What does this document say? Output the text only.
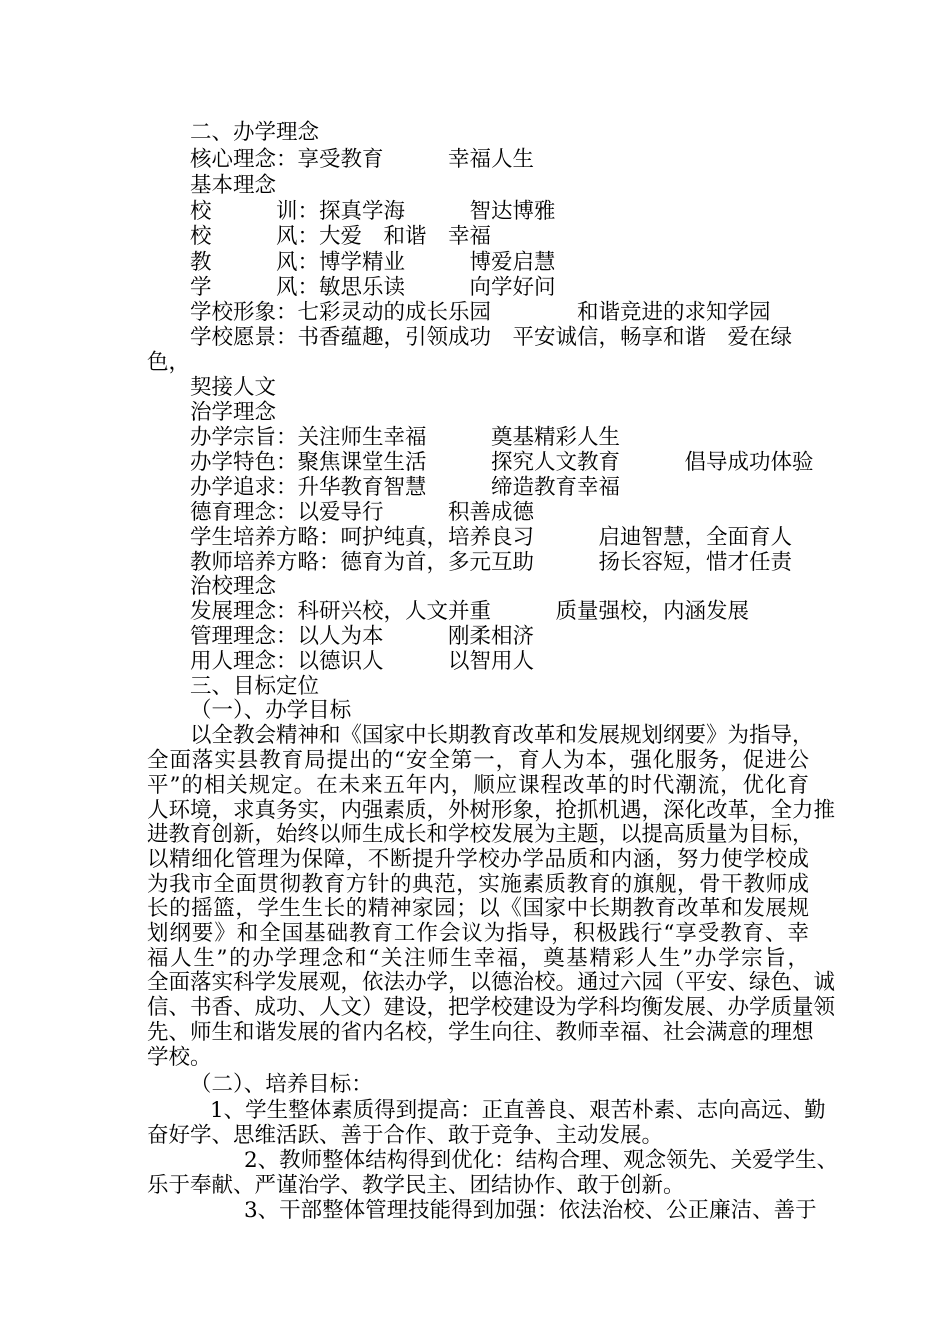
二、办学理念
核心理念：享受教育　　　幸福人生
基本理念
校　　　训：探真学海　　　智达博雅
校　　　风：大爱　和谐　幸福
教　　　风：博学精业　　　博爱启慧
学　　　风：敏思乐读　　　向学好问
学校形象：七彩灵动的成长乐园　　　　和谐竞进的求知学园
学校愿景：书香蕴趣，引领成功　平安诚信，畅享和谐　爱在绿
色，
契接人文
治学理念
办学宗旨：关注师生幸福　　　奠基精彩人生
办学特色：聚焦课堂生活　　　探究人文教育　　　倡导成功体验
办学追求：升华教育智慧　　　缔造教育幸福
德育理念：以爱导行　　　积善成德
学生培养方略：呵护纯真，培养良习　　　启迪智慧，全面育人
教师培养方略：德育为首，多元互助　　　扬长容短，惜才任责
治校理念
发展理念：科研兴校，人文并重　　　质量强校，内涵发展
管理理念：以人为本　　　刚柔相济
用人理念：以德识人　　　以智用人
三、目标定位
（一）、办学目标
以全教会精神和《国家中长期教育改革和发展规划纲要》为指导，
全面落实县教育局提出的“安全第一，育人为本，强化服务，促进公
平”的相关规定。在未来五年内，顺应课程改革的时代潮流，优化育
人环境，求真务实，内强素质，外树形象，抢抓机遇，深化改革，全力推
进教育创新，始终以师生成长和学校发展为主题，以提高质量为目标，
以精细化管理为保障，不断提升学校办学品质和内涵，努力使学校成
为我市全面贯彻教育方针的典范，实施素质教育的旗舰，骨干教师成
长的摇篮，学生生长的精神家园；以《国家中长期教育改革和发展规
划纲要》和全国基础教育工作会议为指导，积极践行“享受教育、幸
福人生”的办学理念和“关注师生幸福，奠基精彩人生”办学宗旨，
全面落实科学发展观，依法办学，以德治校。通过六园（平安、绿色、诚
信、书香、成功、人文）建设，把学校建设为学科均衡发展、办学质量领
先、师生和谐发展的省内名校，学生向往、教师幸福、社会满意的理想
学校。
（二）、培养目标：
1、学生整体素质得到提高：正直善良、艰苦朴素、志向高远、勤
奋好学、思维活跃、善于合作、敢于竞争、主动发展。
2、教师整体结构得到优化：结构合理、观念领先、关爱学生、
乐于奉献、严谨治学、教学民主、团结协作、敢于创新。
3、干部整体管理技能得到加强：依法治校、公正廉洁、善于
